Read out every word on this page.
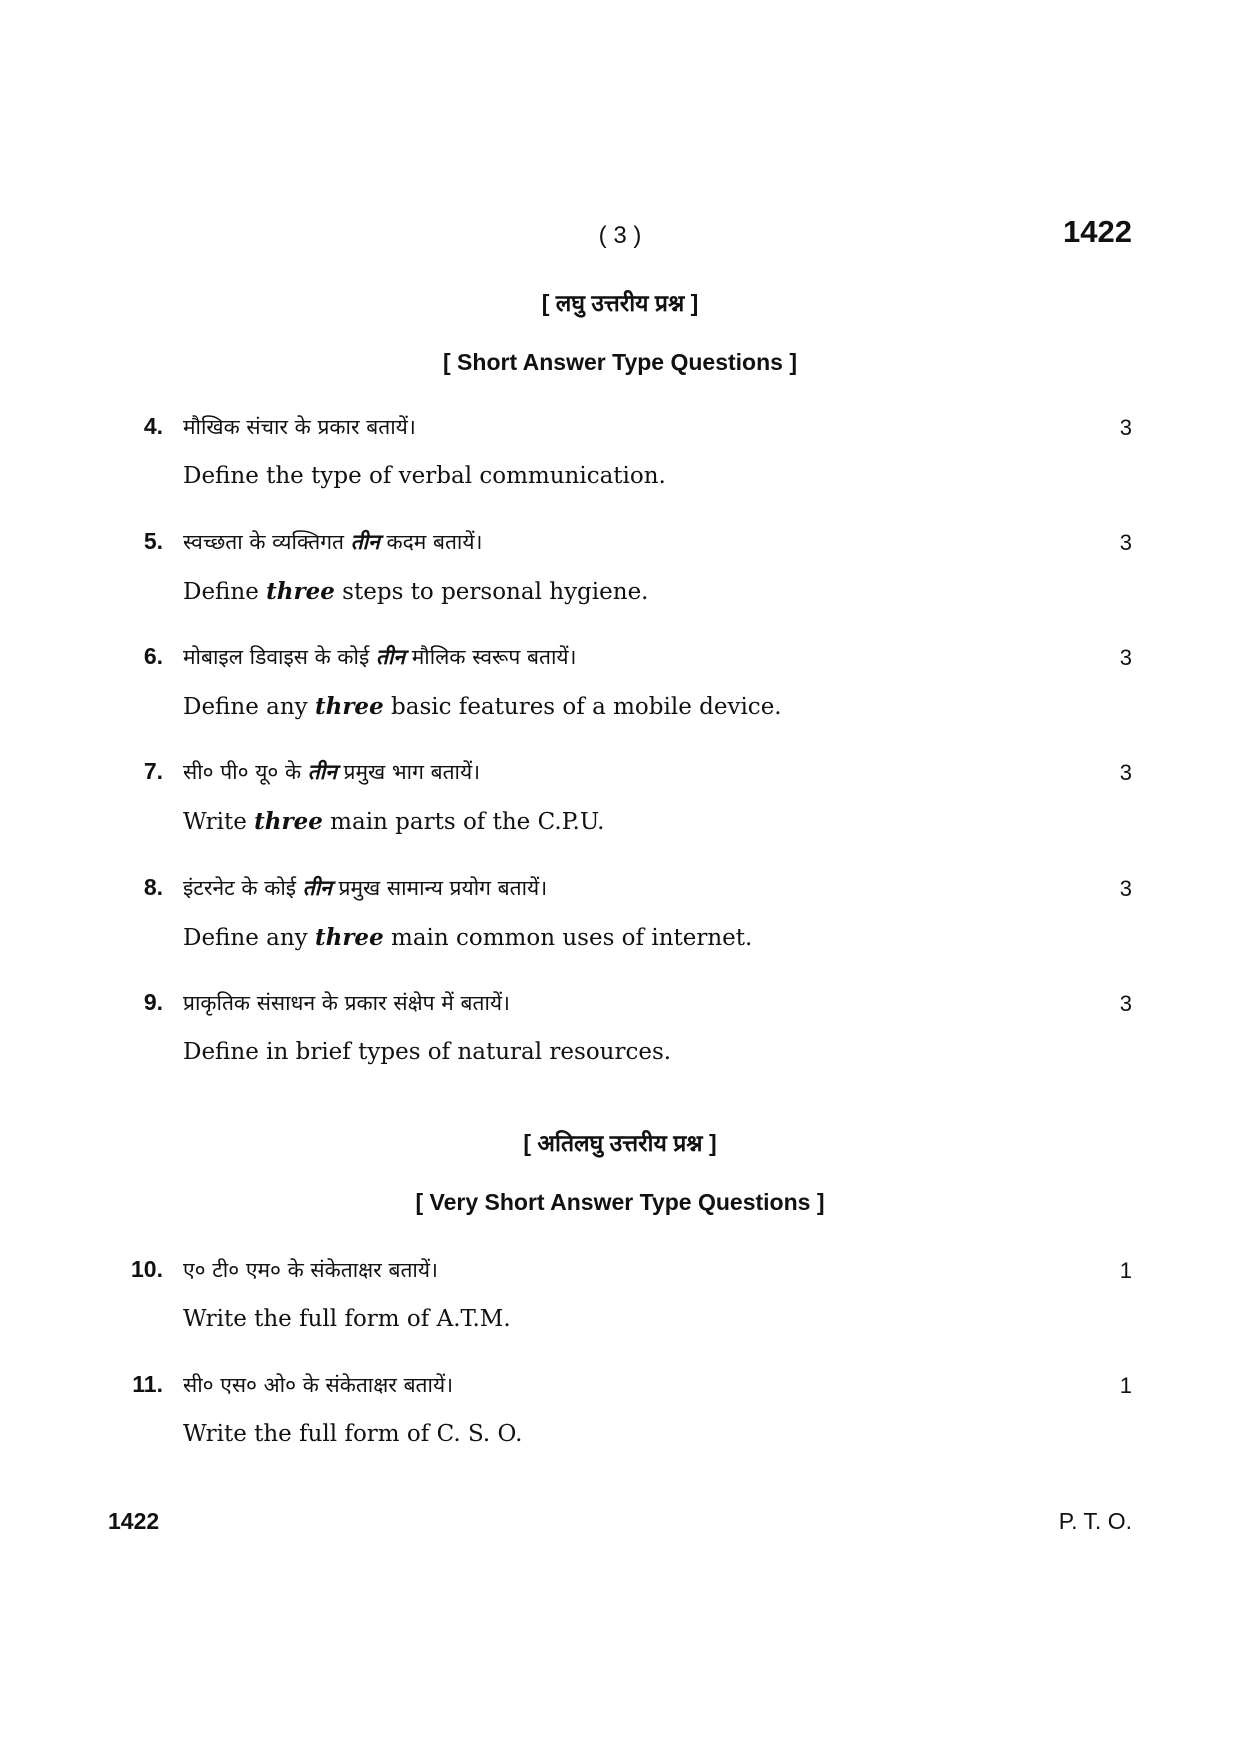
( 3 )	1422
[ लघु उत्तरीय प्रश्न ]
[ Short Answer Type Questions ]
4. मौखिक संचार के प्रकार बतायें।
Define the type of verbal communication.
3
5. स्वच्छता के व्यक्तिगत तीन कदम बतायें।
Define three steps to personal hygiene.
3
6. मोबाइल डिवाइस के कोई तीन मौलिक स्वरूप बतायें।
Define any three basic features of a mobile device.
3
7. सी० पी० यू० के तीन प्रमुख भाग बतायें।
Write three main parts of the C.P.U.
3
8. इंटरनेट के कोई तीन प्रमुख सामान्य प्रयोग बतायें।
Define any three main common uses of internet.
3
9. प्राकृतिक संसाधन के प्रकार संक्षेप में बतायें।
Define in brief types of natural resources.
3
10. ए० टी० एम० के संकेताक्षर बतायें।
Write the full form of A.T.M.
1
11. सी० एस० ओ० के संकेताक्षर बतायें।
Write the full form of C. S. O.
1
[ अतिलघु उत्तरीय प्रश्न ]
[ Very Short Answer Type Questions ]
1422	P. T. O.
